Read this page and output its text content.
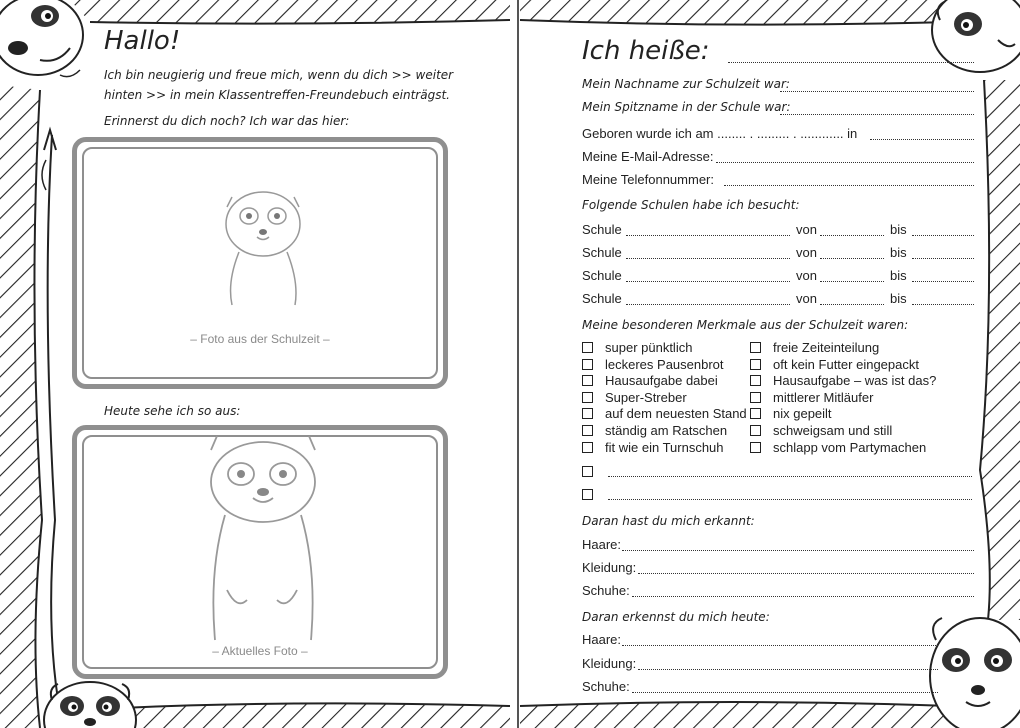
Hallo!
Ich bin neugierig und freue mich, wenn du dich >> weiter
hinten >> in mein Klassentreffen-Freundebuch einträgst.
Erinnerst du dich noch? Ich war das hier:
– Foto aus der Schulzeit –
Heute sehe ich so aus:
– Aktuelles Foto –
Ich heiße:
Mein Nachname zur Schulzeit war:
Mein Spitzname in der Schule war:
Geboren wurde ich am ........ . ......... . ............ in
Meine E-Mail-Adresse:
Meine Telefonnummer:
Folgende Schulen habe ich besucht:
Schule	von	bis
Schule	von	bis
Schule	von	bis
Schule	von	bis
Meine besonderen Merkmale aus der Schulzeit waren:
super pünktlich
leckeres Pausenbrot
Hausaufgabe dabei
Super-Streber
auf dem neuesten Stand
ständig am Ratschen
fit wie ein Turnschuh
freie Zeiteinteilung
oft kein Futter eingepackt
Hausaufgabe – was ist das?
mittlerer Mitläufer
nix gepeilt
schweigsam und still
schlapp vom Partymachen
Daran hast du mich erkannt:
Haare:
Kleidung:
Schuhe:
Daran erkennst du mich heute:
Haare:
Kleidung:
Schuhe:
